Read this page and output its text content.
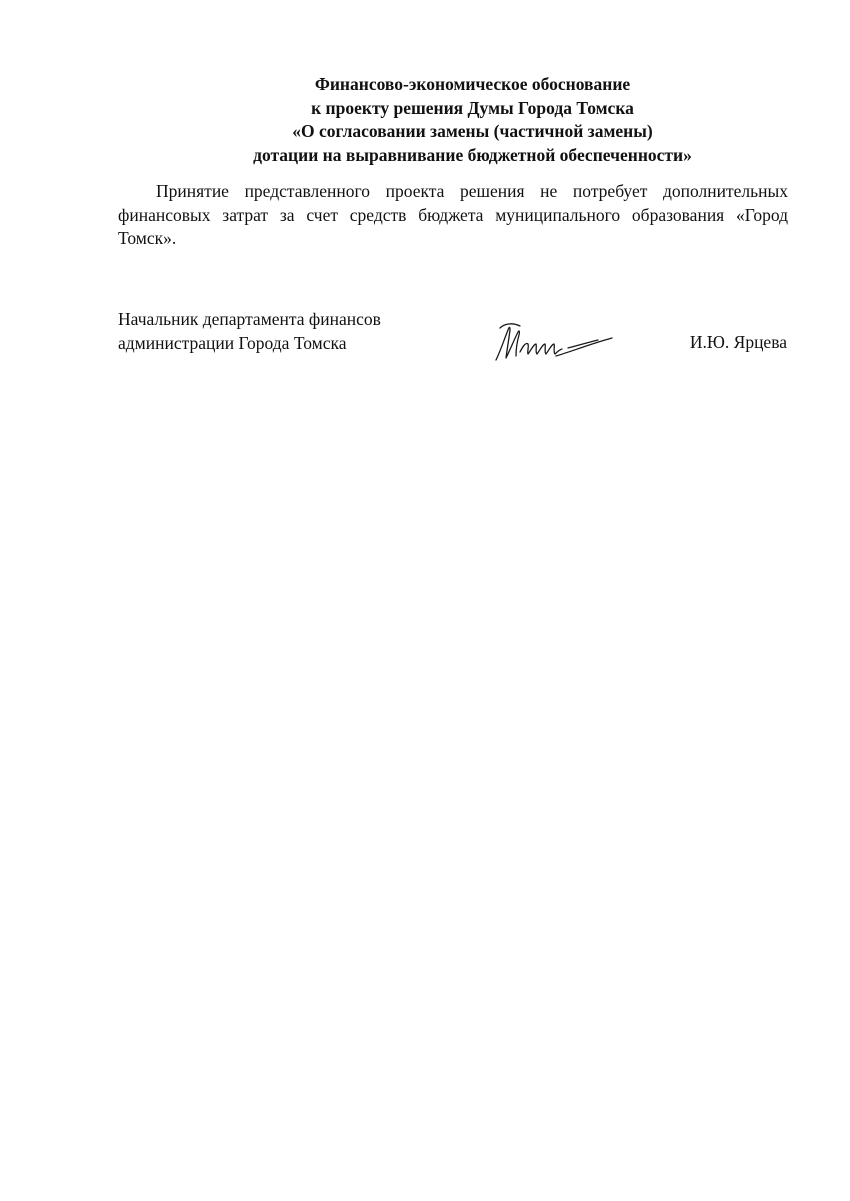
Финансово-экономическое обоснование
к проекту решения Думы Города Томска
«О согласовании замены (частичной замены)
дотации на выравнивание бюджетной обеспеченности»

Принятие представленного проекта решения не потребует дополнительных финансовых затрат за счет средств бюджета муниципального образования «Город Томск».

Начальник департамента финансов
администрации Города Томска	И.Ю. Ярцева
